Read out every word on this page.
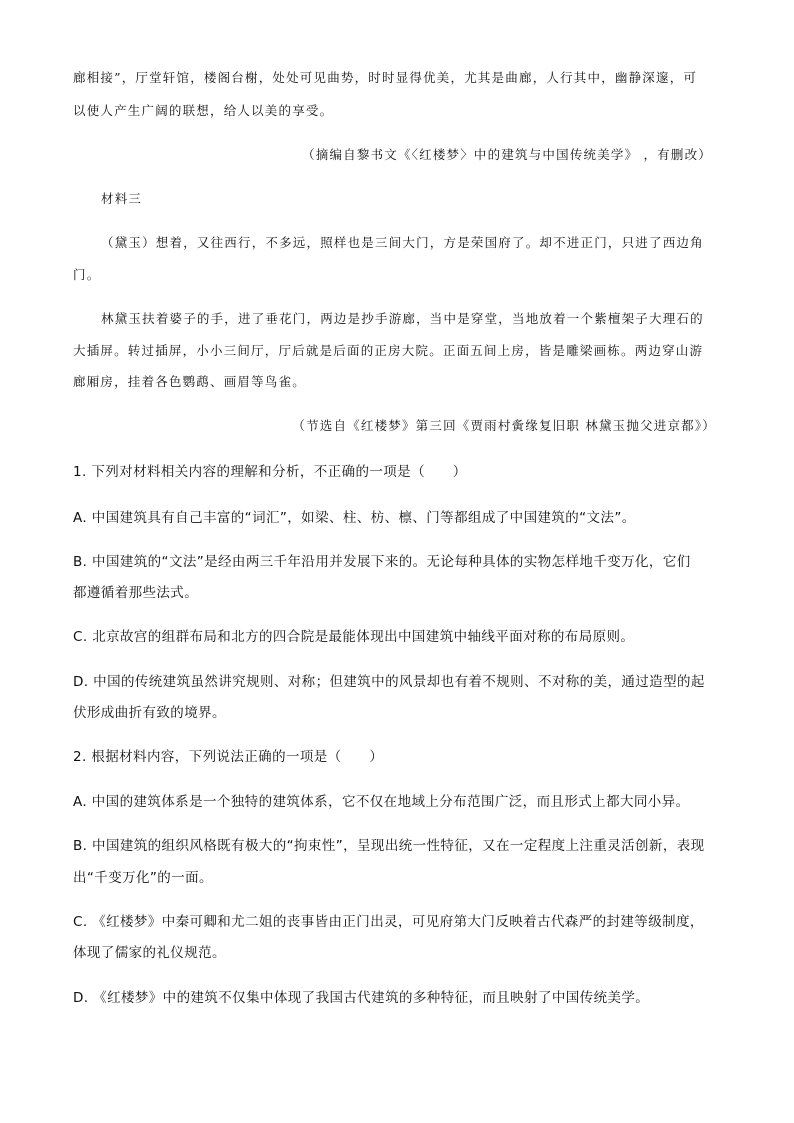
廊相接”，厅堂轩馆，楼阁台榭，处处可见曲势，时时显得优美，尤其是曲廊，人行其中，幽静深邃，可
以使人产生广阔的联想，给人以美的享受。
（摘编自黎书文《〈红楼梦〉中的建筑与中国传统美学》 ，有删改）
材料三
（黛玉）想着，又往西行，不多远，照样也是三间大门，方是荣国府了。却不进正门，只进了西边角
门。
林黛玉扶着婆子的手，进了垂花门，两边是抄手游廊，当中是穿堂，当地放着一个紫檀架子大理石的
大插屏。转过插屏，小小三间厅，厅后就是后面的正房大院。正面五间上房，皆是雕梁画栋。两边穿山游
廊厢房，挂着各色鹦鹉、画眉等鸟雀。
（节选自《红楼梦》第三回《贾雨村夤缘复旧职 林黛玉抛父进京都》）
1. 下列对材料相关内容的理解和分析，不正确的一项是（　　）
A. 中国建筑具有自己丰富的“词汇”，如梁、柱、枋、檩、门等都组成了中国建筑的“文法”。
B. 中国建筑的“文法”是经由两三千年沿用并发展下来的。无论每种具体的实物怎样地千变万化，它们
都遵循着那些法式。
C. 北京故宫的组群布局和北方的四合院是最能体现出中国建筑中轴线平面对称的布局原则。
D. 中国的传统建筑虽然讲究规则、对称；但建筑中的风景却也有着不规则、不对称的美，通过造型的起
伏形成曲折有致的境界。
2. 根据材料内容，下列说法正确的一项是（　　）
A. 中国的建筑体系是一个独特的建筑体系，它不仅在地域上分布范围广泛，而且形式上都大同小异。
B. 中国建筑的组织风格既有极大的“拘束性”，呈现出统一性特征，又在一定程度上注重灵活创新，表现
出“千变万化”的一面。
C. 《红楼梦》中秦可卿和尤二姐的丧事皆由正门出灵，可见府第大门反映着古代森严的封建等级制度，
体现了儒家的礼仪规范。
D. 《红楼梦》中的建筑不仅集中体现了我国古代建筑的多种特征，而且映射了中国传统美学。
